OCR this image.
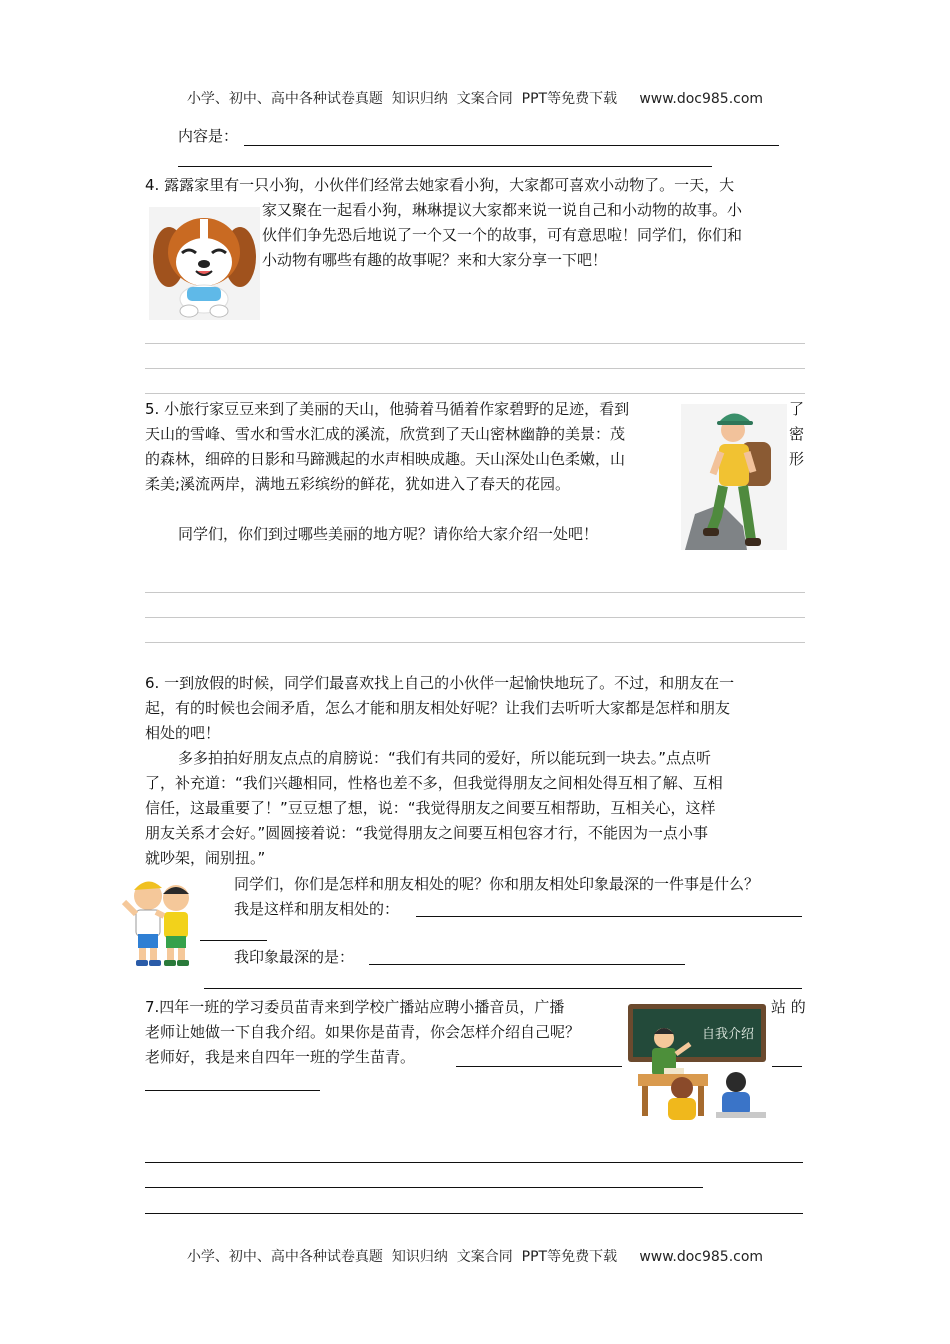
小学、初中、高中各种试卷真题  知识归纳  文案合同  PPT等免费下载     www.doc985.com
内容是：
4. 露露家里有一只小狗，小伙伴们经常去她家看小狗，大家都可喜欢小动物了。一天，大
家又聚在一起看小狗，琳琳提议大家都来说一说自己和小动物的故事。小
伙伴们争先恐后地说了一个又一个的故事，可有意思啦！同学们，你们和
小动物有哪些有趣的故事呢？来和大家分享一下吧！
5. 小旅行家豆豆来到了美丽的天山，他骑着马循着作家碧野的足迹，看到	了
天山的雪峰、雪水和雪水汇成的溪流，欣赏到了天山密林幽静的美景：茂	密
的森林，细碎的日影和马蹄溅起的水声相映成趣。天山深处山色柔嫩，山	形
柔美;溪流两岸，满地五彩缤纷的鲜花，犹如进入了春天的花园。
同学们，你们到过哪些美丽的地方呢？请你给大家介绍一处吧！
6. 一到放假的时候，同学们最喜欢找上自己的小伙伴一起愉快地玩了。不过，和朋友在一
起，有的时候也会闹矛盾，怎么才能和朋友相处好呢？让我们去听听大家都是怎样和朋友
相处的吧！
多多拍拍好朋友点点的肩膀说：“我们有共同的爱好，所以能玩到一块去。”点点听
了，补充道：“我们兴趣相同，性格也差不多，但我觉得朋友之间相处得互相了解、互相
信任，这最重要了！”豆豆想了想，说：“我觉得朋友之间要互相帮助，互相关心，这样
朋友关系才会好。”圆圆接着说：“我觉得朋友之间要互相包容才行，不能因为一点小事
就吵架，闹别扭。”
同学们，你们是怎样和朋友相处的呢？你和朋友相处印象最深的一件事是什么？
我是这样和朋友相处的：
我印象最深的是：
7.四年一班的学习委员苗青来到学校广播站应聘小播音员，广播	站 的
老师让她做一下自我介绍。如果你是苗青，你会怎样介绍自己呢？
老师好，我是来自四年一班的学生苗青。
自我介绍
小学、初中、高中各种试卷真题  知识归纳  文案合同  PPT等免费下载     www.doc985.com
